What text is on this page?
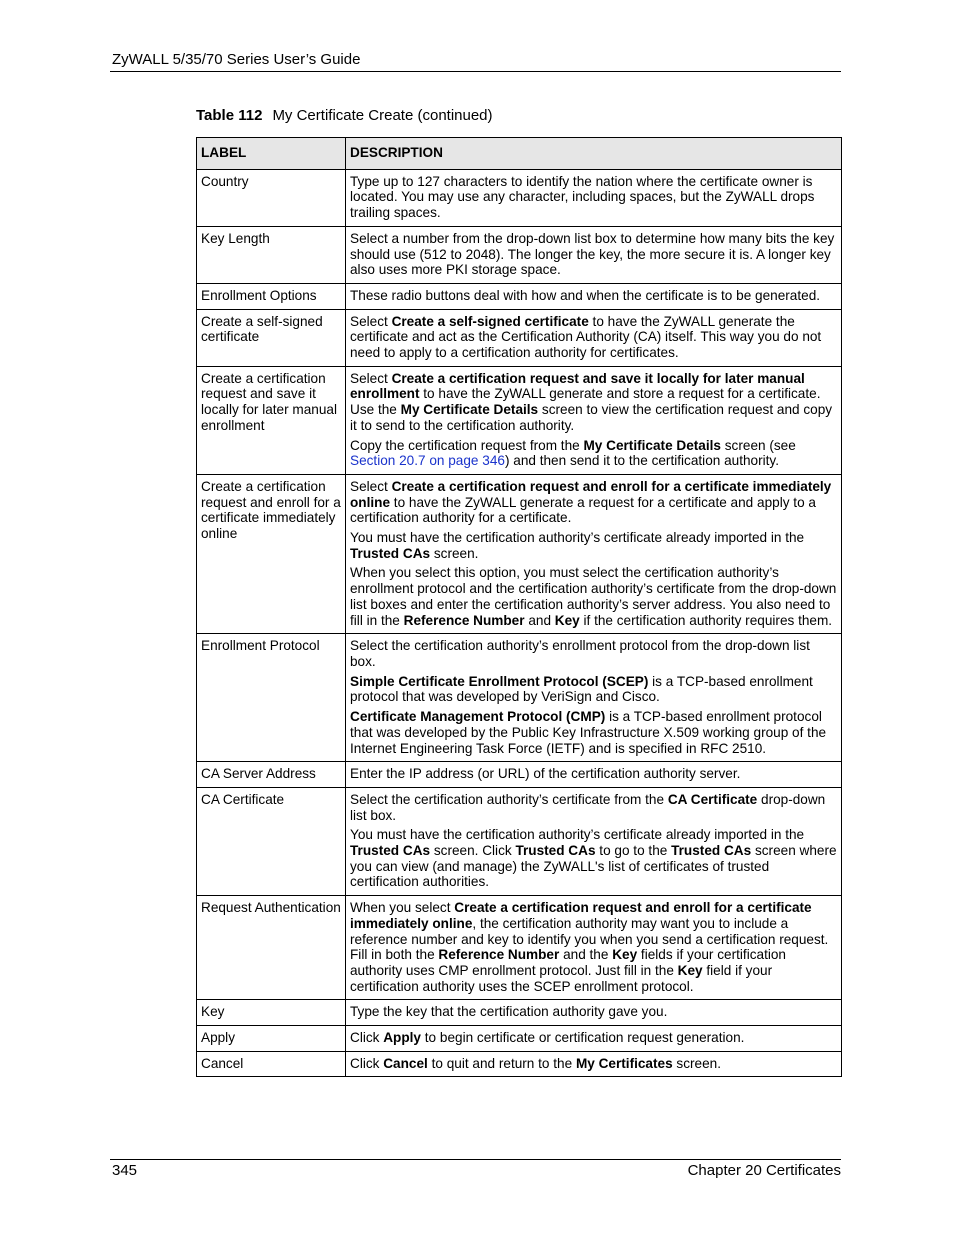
ZyWALL 5/35/70 Series User’s Guide
Table 112 My Certificate Create (continued)
LABEL	DESCRIPTION
Country	Type up to 127 characters to identify the nation where the certificate owner is located. You may use any character, including spaces, but the ZyWALL drops trailing spaces.

Key Length	Select a number from the drop-down list box to determine how many bits the key should use (512 to 2048). The longer the key, the more secure it is. A longer key also uses more PKI storage space.

Enrollment Options	These radio buttons deal with how and when the certificate is to be generated.

Create a self-signed certificate	Select Create a self-signed certificate to have the ZyWALL generate the certificate and act as the Certification Authority (CA) itself. This way you do not need to apply to a certification authority for certificates.

Create a certification request and save it locally for later manual enrollment	Select Create a certification request and save it locally for later manual enrollment to have the ZyWALL generate and store a request for a certificate. Use the My Certificate Details screen to view the certification request and copy it to send to the certification authority.

Copy the certification request from the My Certificate Details screen (see Section 20.7 on page 346) and then send it to the certification authority.

Create a certification request and enroll for a certificate immediately online	Select Create a certification request and enroll for a certificate immediately online to have the ZyWALL generate a request for a certificate and apply to a certification authority for a certificate.

You must have the certification authority’s certificate already imported in the Trusted CAs screen.

When you select this option, you must select the certification authority’s enrollment protocol and the certification authority’s certificate from the drop-down list boxes and enter the certification authority’s server address. You also need to fill in the Reference Number and Key if the certification authority requires them.

Enrollment Protocol	Select the certification authority’s enrollment protocol from the drop-down list box.

Simple Certificate Enrollment Protocol (SCEP) is a TCP-based enrollment protocol that was developed by VeriSign and Cisco.

Certificate Management Protocol (CMP) is a TCP-based enrollment protocol that was developed by the Public Key Infrastructure X.509 working group of the Internet Engineering Task Force (IETF) and is specified in RFC 2510.

CA Server Address	Enter the IP address (or URL) of the certification authority server.

CA Certificate	Select the certification authority’s certificate from the CA Certificate drop-down list box.

You must have the certification authority’s certificate already imported in the Trusted CAs screen. Click Trusted CAs to go to the Trusted CAs screen where you can view (and manage) the ZyWALL's list of certificates of trusted certification authorities.

Request Authentication	When you select Create a certification request and enroll for a certificate immediately online, the certification authority may want you to include a reference number and key to identify you when you send a certification request. Fill in both the Reference Number and the Key fields if your certification authority uses CMP enrollment protocol. Just fill in the Key field if your certification authority uses the SCEP enrollment protocol.

Key	Type the key that the certification authority gave you.

Apply	Click Apply to begin certificate or certification request generation.

Cancel	Click Cancel to quit and return to the My Certificates screen.

345	Chapter 20 Certificates
